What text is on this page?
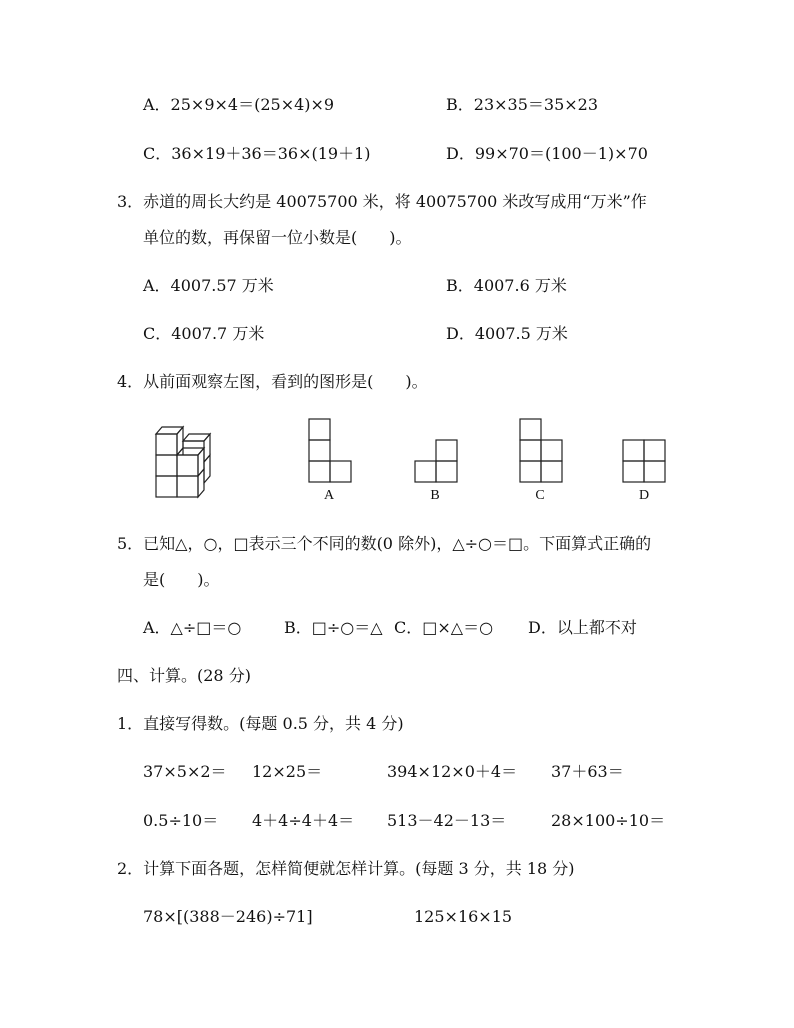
A．25×9×4＝(25×4)×9	B．23×35＝35×23
C．36×19＋36＝36×(19＋1)	D．99×70＝(100－1)×70
3．赤道的周长大约是 40075700 米，将 40075700 米改写成用“万米”作
单位的数，再保留一位小数是(　　)。
A．4007.57 万米	B．4007.6 万米
C．4007.7 万米	D．4007.5 万米
4．从前面观察左图，看到的图形是(　　)。
A	B	C	D
5．已知△，○，□表示三个不同的数(0 除外)，△÷○＝□。下面算式正确的
是(　　)。
A．△÷□＝○	B．□÷○＝△ C．□×△＝○ D．以上都不对
四、计算。(28 分)
1．直接写得数。(每题 0.5 分，共 4 分)
37×5×2＝ 12×25＝	394×12×0＋4＝ 37＋63＝
0.5÷10＝ 4＋4÷4＋4＝ 513－42－13＝	28×100÷10＝
2．计算下面各题，怎样简便就怎样计算。(每题 3 分，共 18 分)
78×[(388－246)÷71]	125×16×15
